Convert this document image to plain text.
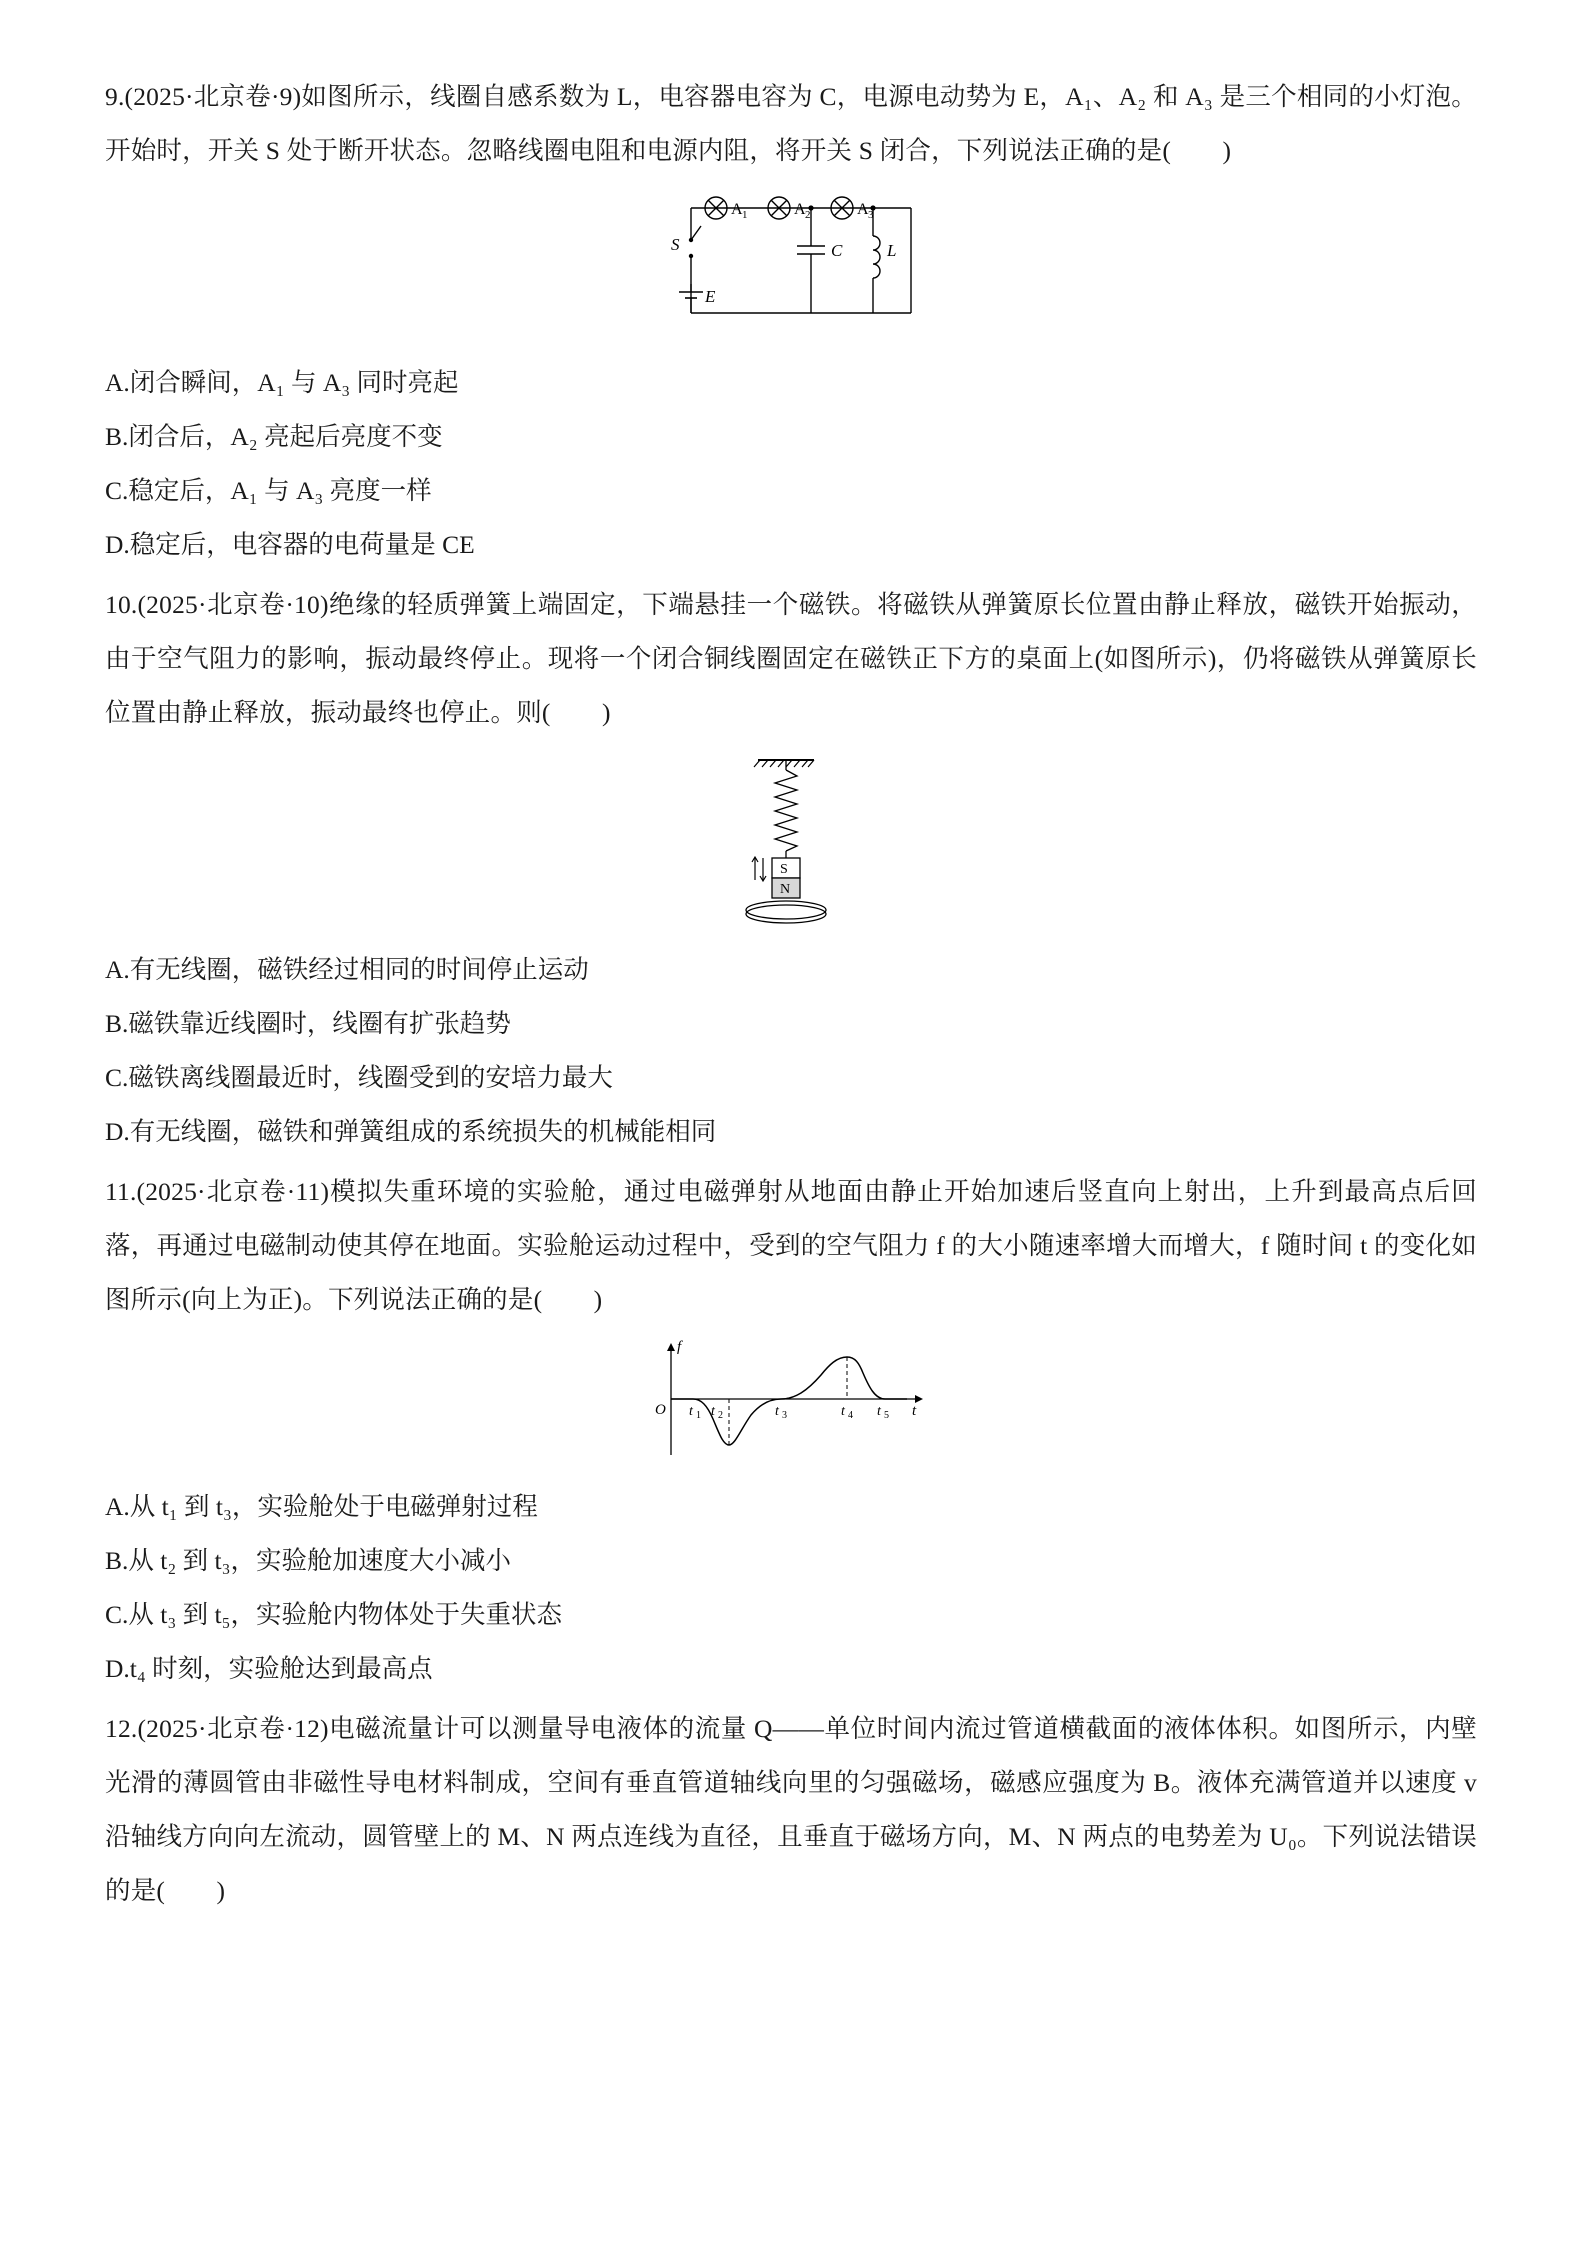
9.(2025·北京卷·9)如图所示，线圈自感系数为 L，电容器电容为 C，电源电动势为 E，A₁、A₂ 和 A₃ 是三个相同的小灯泡。开始时，开关 S 处于断开状态。忽略线圈电阻和电源内阻，将开关 S 闭合，下列说法正确的是(　　)
A 1	A 2	A 3
S
E
C	L
A.闭合瞬间，A₁ 与 A₃ 同时亮起
B.闭合后，A₂ 亮起后亮度不变
C.稳定后，A₁ 与 A₃ 亮度一样
D.稳定后，电容器的电荷量是 CE
10.(2025·北京卷·10)绝缘的轻质弹簧上端固定，下端悬挂一个磁铁。将磁铁从弹簧原长位置由静止释放，磁铁开始振动，由于空气阻力的影响，振动最终停止。现将一个闭合铜线圈固定在磁铁正下方的桌面上(如图所示)，仍将磁铁从弹簧原长位置由静止释放，振动最终也停止。则(　　)
S
N
A.有无线圈，磁铁经过相同的时间停止运动
B.磁铁靠近线圈时，线圈有扩张趋势
C.磁铁离线圈最近时，线圈受到的安培力最大
D.有无线圈，磁铁和弹簧组成的系统损失的机械能相同
11.(2025·北京卷·11)模拟失重环境的实验舱，通过电磁弹射从地面由静止开始加速后竖直向上射出，上升到最高点后回落，再通过电磁制动使其停在地面。实验舱运动过程中，受到的空气阻力 f 的大小随速率增大而增大，f 随时间 t 的变化如图所示(向上为正)。下列说法正确的是(　　)
f
t
O t 1 t 2	t 3	t 4 t 5
A.从 t₁ 到 t₃，实验舱处于电磁弹射过程
B.从 t₂ 到 t₃，实验舱加速度大小减小
C.从 t₃ 到 t₅，实验舱内物体处于失重状态
D.t₄ 时刻，实验舱达到最高点
12.(2025·北京卷·12)电磁流量计可以测量导电液体的流量 Q——单位时间内流过管道横截面的液体体积。如图所示，内壁光滑的薄圆管由非磁性导电材料制成，空间有垂直管道轴线向里的匀强磁场，磁感应强度为 B。液体充满管道并以速度 v 沿轴线方向向左流动，圆管壁上的 M、N 两点连线为直径，且垂直于磁场方向，M、N 两点的电势差为 U₀。下列说法错误的是(　　)
